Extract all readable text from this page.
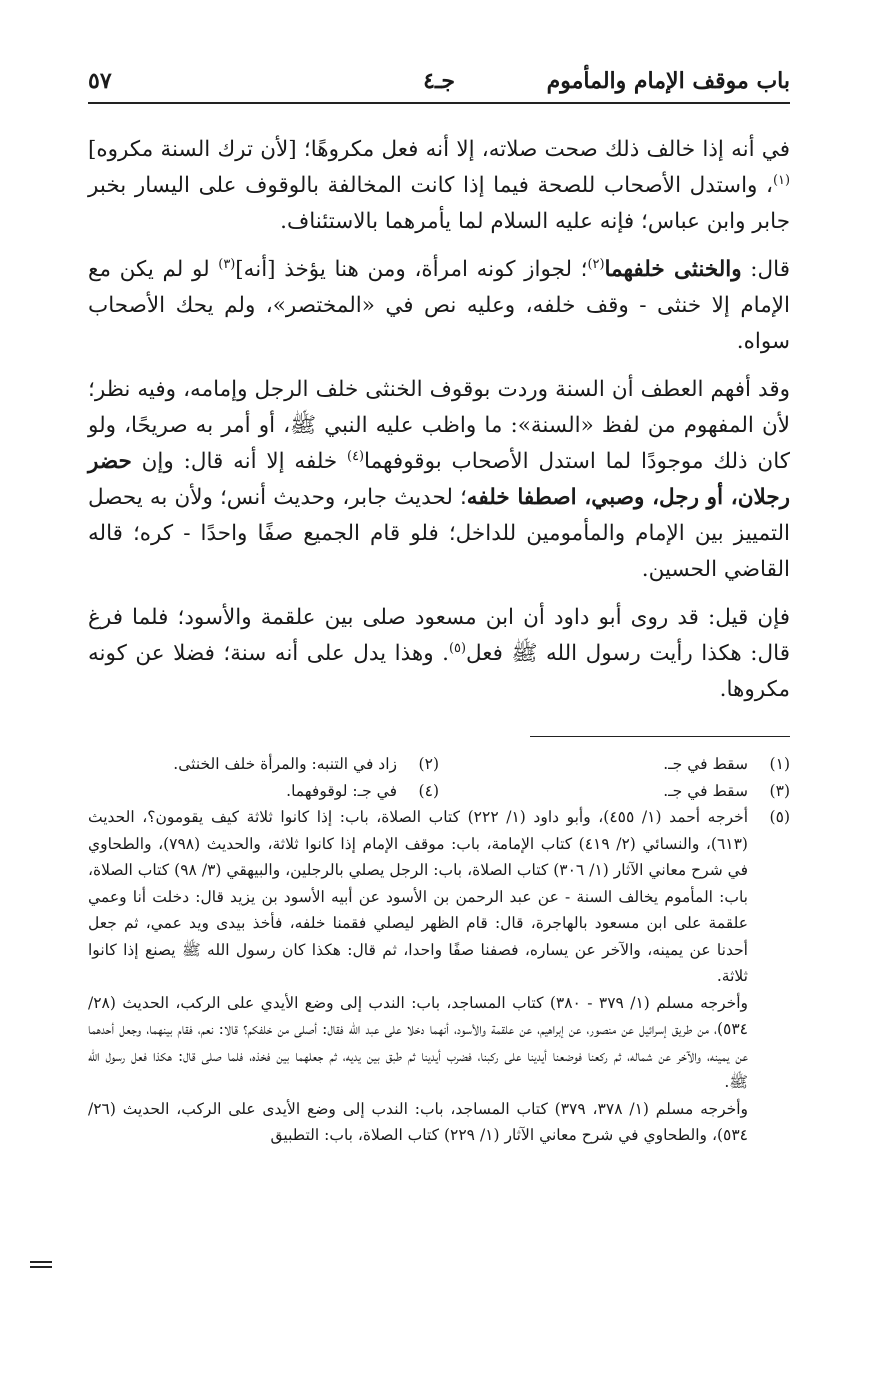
باب موقف الإمام والمأموم
جـ٤
٥٧

في أنه إذا خالف ذلك صحت صلاته، إلا أنه فعل مكروهًا؛ [لأن ترك السنة مكروه]$^{(١)}$، واستدل الأصحاب للصحة فيما إذا كانت المخالفة بالوقوف على اليسار بخبر جابر وابن عباس؛ فإنه عليه السلام لما يأمرهما بالاستئناف.

قال: والخنثى خلفهما$^{(٢)}$؛ لجواز كونه امرأة، ومن هنا يؤخذ [أنه]$^{(٣)}$ لو لم يكن مع الإمام إلا خنثى - وقف خلفه، وعليه نص في «المختصر»، ولم يحك الأصحاب سواه.

وقد أفهم العطف أن السنة وردت بوقوف الخنثى خلف الرجل وإمامه، وفيه نظر؛ لأن المفهوم من لفظ «السنة»: ما واظب عليه النبي ﷺ، أو أمر به صريحًا، ولو كان ذلك موجودًا لما استدل الأصحاب بوقوفهما$^{(٤)}$ خلفه إلا أنه قال: وإن حضر رجلان، أو رجل، وصبي، اصطفا خلفه؛ لحديث جابر، وحديث أنس؛ ولأن به يحصل التمييز بين الإمام والمأمومين للداخل؛ فلو قام الجميع صفًا واحدًا - كره؛ قاله القاضي الحسين.

فإن قيل: قد روى أبو داود أن ابن مسعود صلى بين علقمة والأسود؛ فلما فرغ قال: هكذا رأيت رسول الله ﷺ فعل$^{(٥)}$. وهذا يدل على أنه سنة؛ فضلا عن كونه مكروها.

(١)
سقط في جـ.
(٢)
زاد في التنبه: والمرأة خلف الخنثى.
(٣)
سقط في جـ.
(٤)
في جـ: لوقوفهما.
(٥)
أخرجه أحمد (١/ ٤٥٥)، وأبو داود (١/ ٢٢٢) كتاب الصلاة، باب: إذا كانوا ثلاثة كيف يقومون؟، الحديث (٦١٣)، والنسائي (٢/ ٤١٩) كتاب الإمامة، باب: موقف الإمام إذا كانوا ثلاثة، والحديث (٧٩٨)، والطحاوي في شرح معاني الآثار (١/ ٣٠٦) كتاب الصلاة، باب: الرجل يصلي بالرجلين، والبيهقي (٣/ ٩٨) كتاب الصلاة، باب: المأموم يخالف السنة - عن عبد الرحمن بن الأسود عن أبيه الأسود بن يزيد قال: دخلت أنا وعمي علقمة على ابن مسعود بالهاجرة، قال: قام الظهر ليصلي فقمنا خلفه، فأخذ بيدى ويد عمي، ثم جعل أحدنا عن يمينه، والآخر عن يساره، فصفنا صفًا واحدا، ثم قال: هكذا كان رسول الله ﷺ يصنع إذا كانوا ثلاثة.
وأخرجه مسلم (١/ ٣٧٩ - ٣٨٠) كتاب المساجد، باب: الندب إلى وضع الأيدي على الركب، الحديث (٢٨/ ٥٣٤)، من طريق إسرائيل عن منصور، عن إبراهيم، عن علقمة والأسود، أنهما دخلا على عبد الله فقال: أصلى من خلفكم؟ قالا: نعم، فقام بينهما، وجعل أحدهما عن يمينه، والآخر عن شماله، ثم ركعنا فوضعنا أيدينا على ركبنا، فضرب أيدينا ثم طبق بين يديه، ثم جعلهما بين فخذه، فلما صلى قال: هكذا فعل رسول الله ﷺ.
وأخرجه مسلم (١/ ٣٧٨، ٣٧٩) كتاب المساجد، باب: الندب إلى وضع الأيدى على الركب، الحديث (٢٦/ ٥٣٤)، والطحاوي في شرح معاني الآثار (١/ ٢٢٩) كتاب الصلاة، باب: التطبيق
